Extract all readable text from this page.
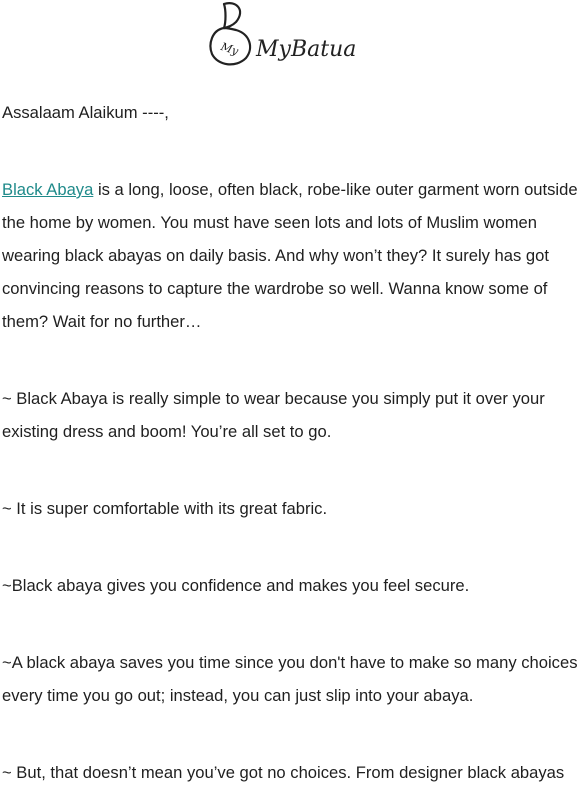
My MyBatua

Assalaam Alaikum ----,

Black Abaya is a long, loose, often black, robe-like outer garment worn outside

the home by women. You must have seen lots and lots of Muslim women

wearing black abayas on daily basis. And why won’t they? It surely has got

convincing reasons to capture the wardrobe so well. Wanna know some of

them? Wait for no further…

~ Black Abaya is really simple to wear because you simply put it over your

existing dress and boom! You’re all set to go.

~ It is super comfortable with its great fabric.

~Black abaya gives you confidence and makes you feel secure.

~A black abaya saves you time since you don't have to make so many choices

every time you go out; instead, you can just slip into your abaya.

~ But, that doesn’t mean you’ve got no choices. From designer black abayas
